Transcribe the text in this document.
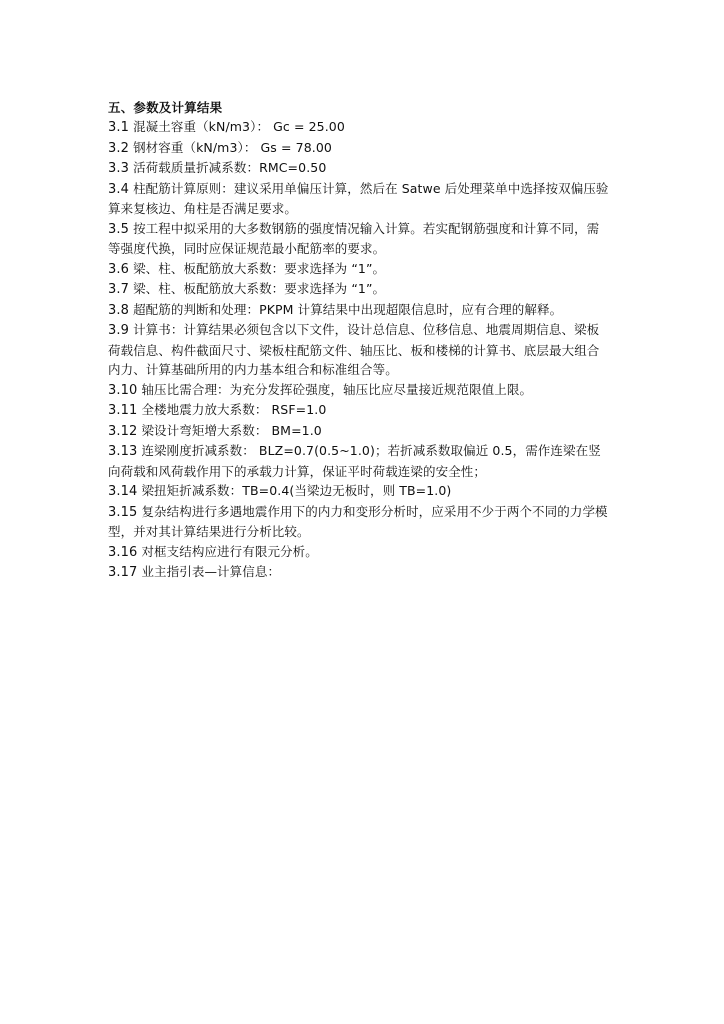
五、参数及计算结果

3.1 混凝土容重（kN/m3）： Gc = 25.00

3.2 钢材容重（kN/m3）： Gs = 78.00

3.3 活荷载质量折减系数：RMC=0.50

3.4 柱配筋计算原则：建议采用单偏压计算，然后在 Satwe 后处理菜单中选择按双偏压验
算来复核边、角柱是否满足要求。

3.5 按工程中拟采用的大多数钢筋的强度情况输入计算。若实配钢筋强度和计算不同，需
等强度代换，同时应保证规范最小配筋率的要求。

3.6 梁、柱、板配筋放大系数：要求选择为 “1”。

3.7 梁、柱、板配筋放大系数：要求选择为 “1”。

3.8 超配筋的判断和处理：PKPM 计算结果中出现超限信息时，应有合理的解释。

3.9 计算书：计算结果必须包含以下文件，设计总信息、位移信息、地震周期信息、梁板
荷载信息、构件截面尺寸、梁板柱配筋文件、轴压比、板和楼梯的计算书、底层最大组合
内力、计算基础所用的内力基本组合和标准组合等。

3.10 轴压比需合理：为充分发挥砼强度，轴压比应尽量接近规范限值上限。

3.11 全楼地震力放大系数： RSF=1.0

3.12 梁设计弯矩增大系数： BM=1.0

3.13 连梁刚度折减系数： BLZ=0.7(0.5~1.0)；若折减系数取偏近 0.5，需作连梁在竖
向荷载和风荷载作用下的承载力计算，保证平时荷载连梁的安全性；

3.14 梁扭矩折减系数：TB=0.4(当梁边无板时，则 TB=1.0)

3.15 复杂结构进行多遇地震作用下的内力和变形分析时，应采用不少于两个不同的力学模
型，并对其计算结果进行分析比较。

3.16 对框支结构应进行有限元分析。

3.17 业主指引表—计算信息：
